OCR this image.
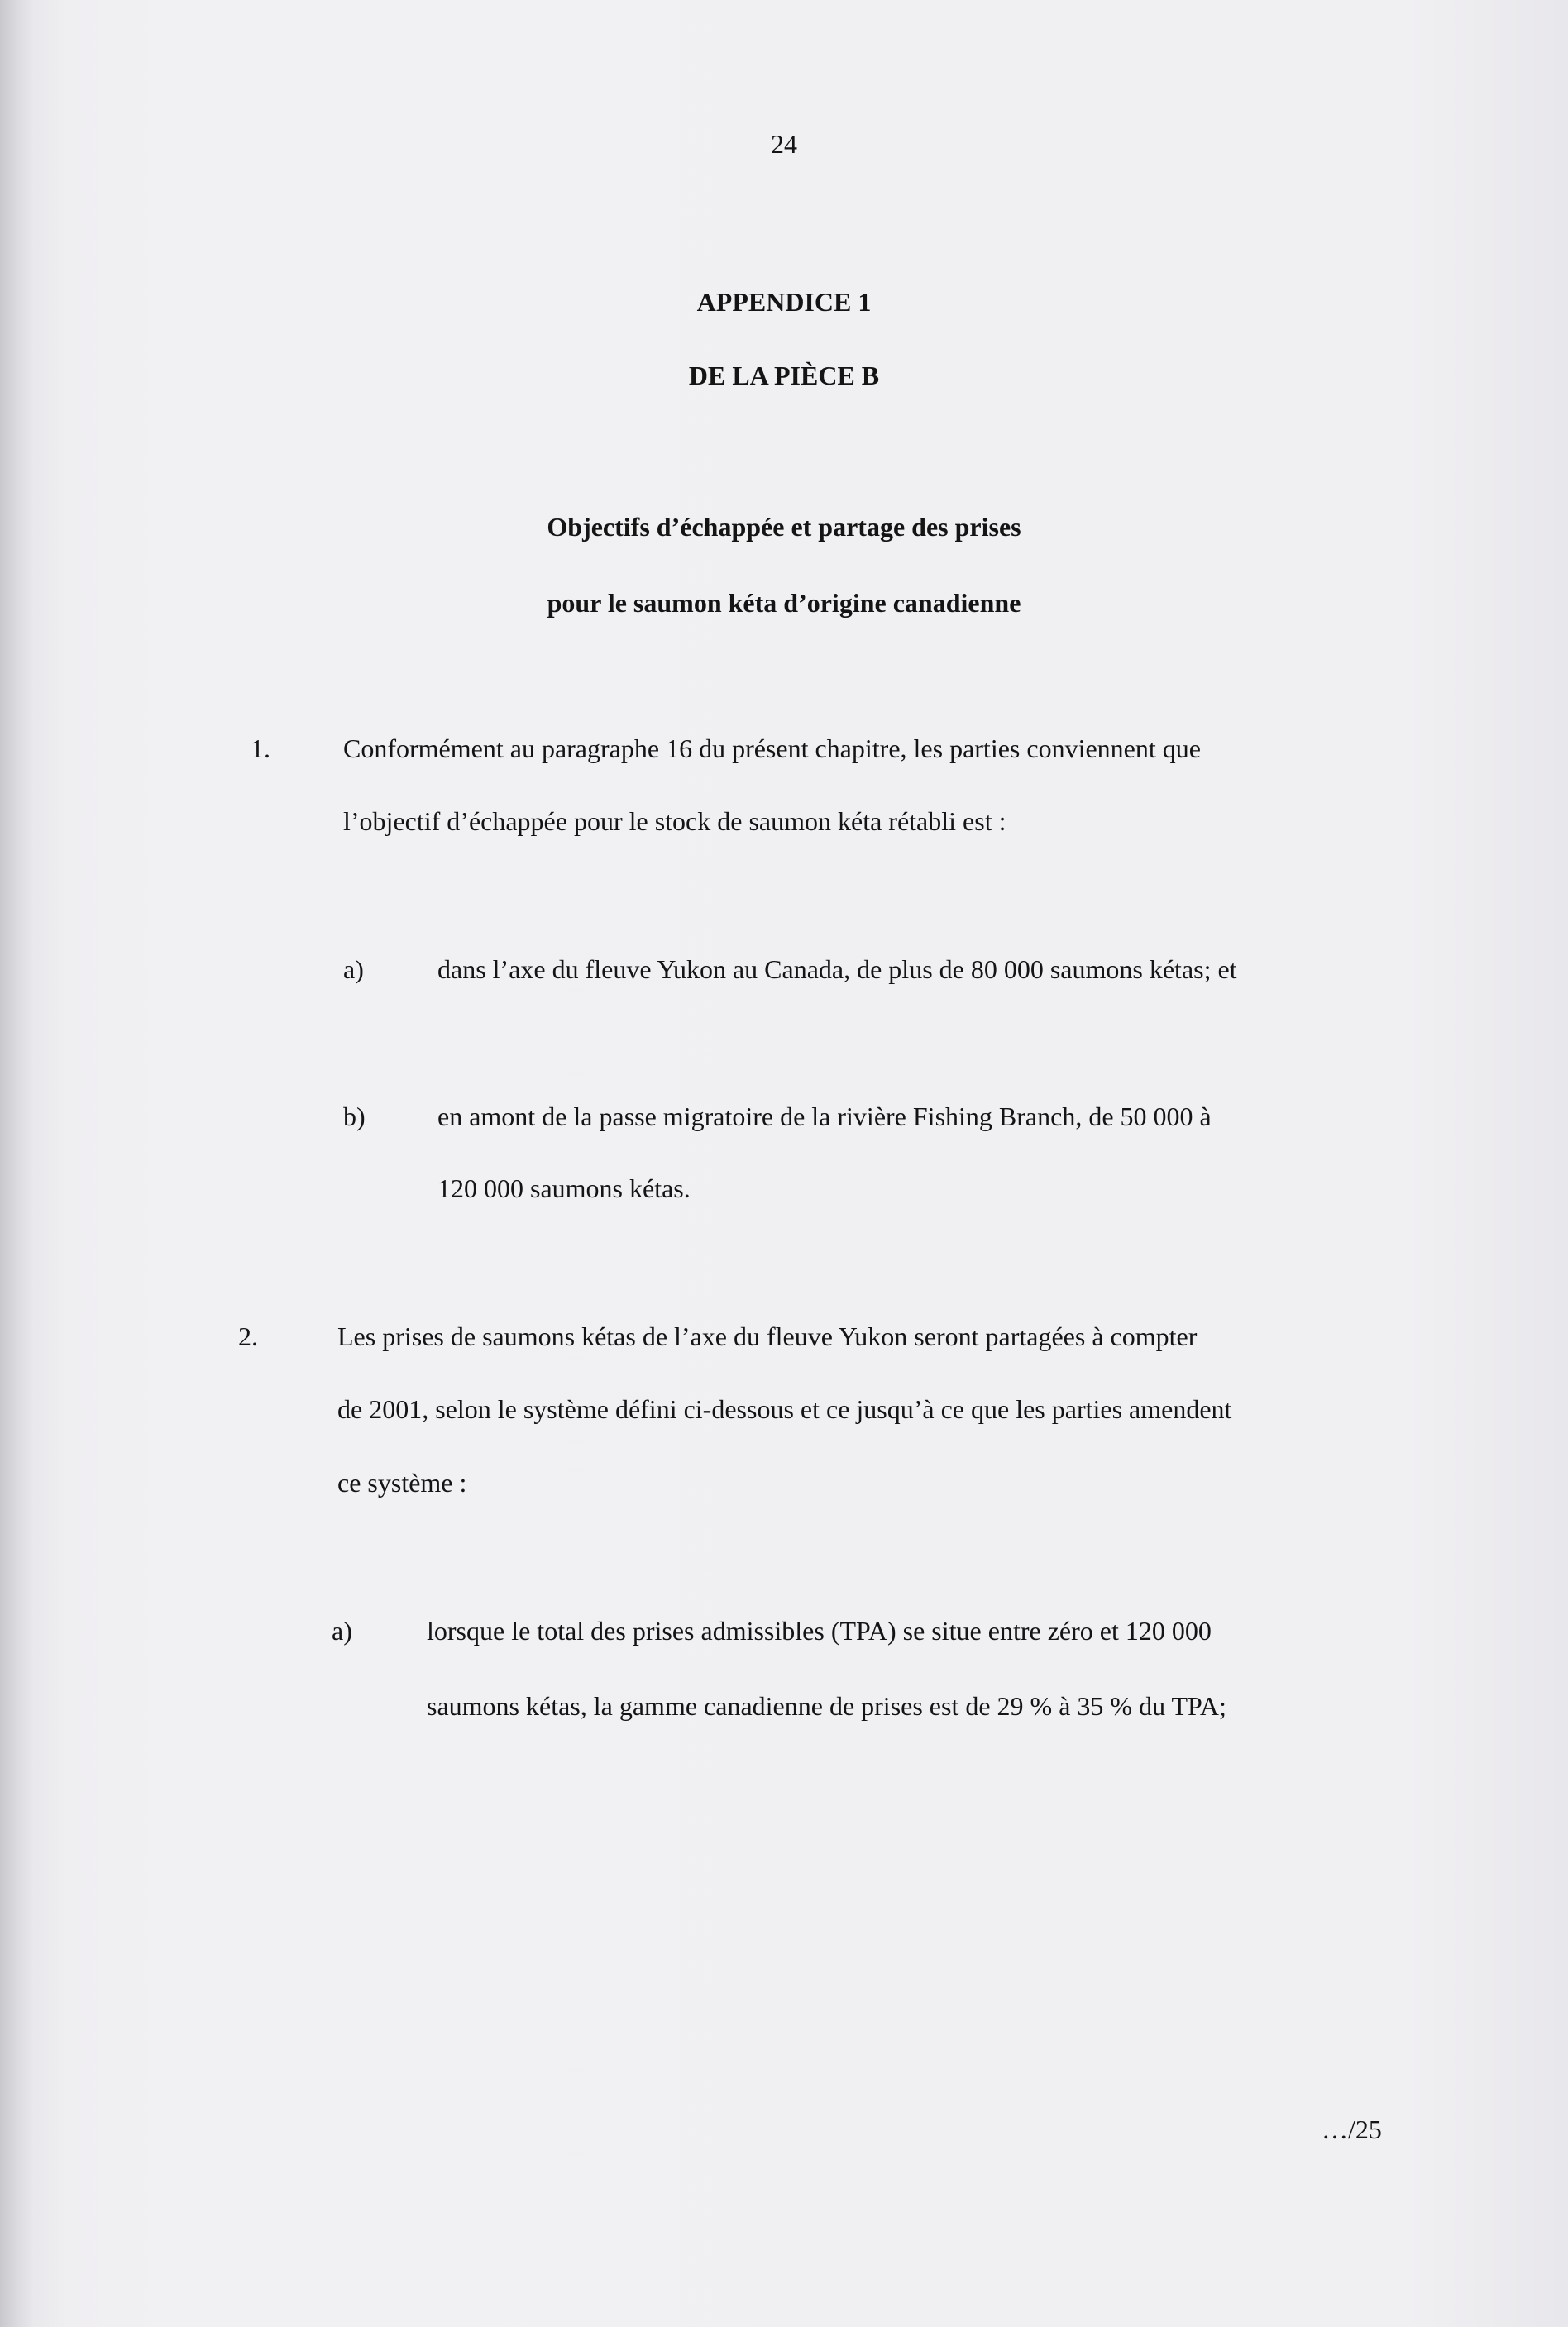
24
APPENDICE 1
DE LA PIÈCE B
Objectifs d’échappée et partage des prises
pour le saumon kéta d’origine canadienne
1.	Conformément au paragraphe 16 du présent chapitre, les parties conviennent que
l’objectif d’échappée pour le stock de saumon kéta rétabli est :
a)	dans l’axe du fleuve Yukon au Canada, de plus de 80 000 saumons kétas; et
b)	en amont de la passe migratoire de la rivière Fishing Branch, de 50 000 à
120 000 saumons kétas.
2.	Les prises de saumons kétas de l’axe du fleuve Yukon seront partagées à compter
de 2001, selon le système défini ci-dessous et ce jusqu’à ce que les parties amendent
ce système :
a)	lorsque le total des prises admissibles (TPA) se situe entre zéro et 120 000
saumons kétas, la gamme canadienne de prises est de 29 % à 35 % du TPA;
…/25
